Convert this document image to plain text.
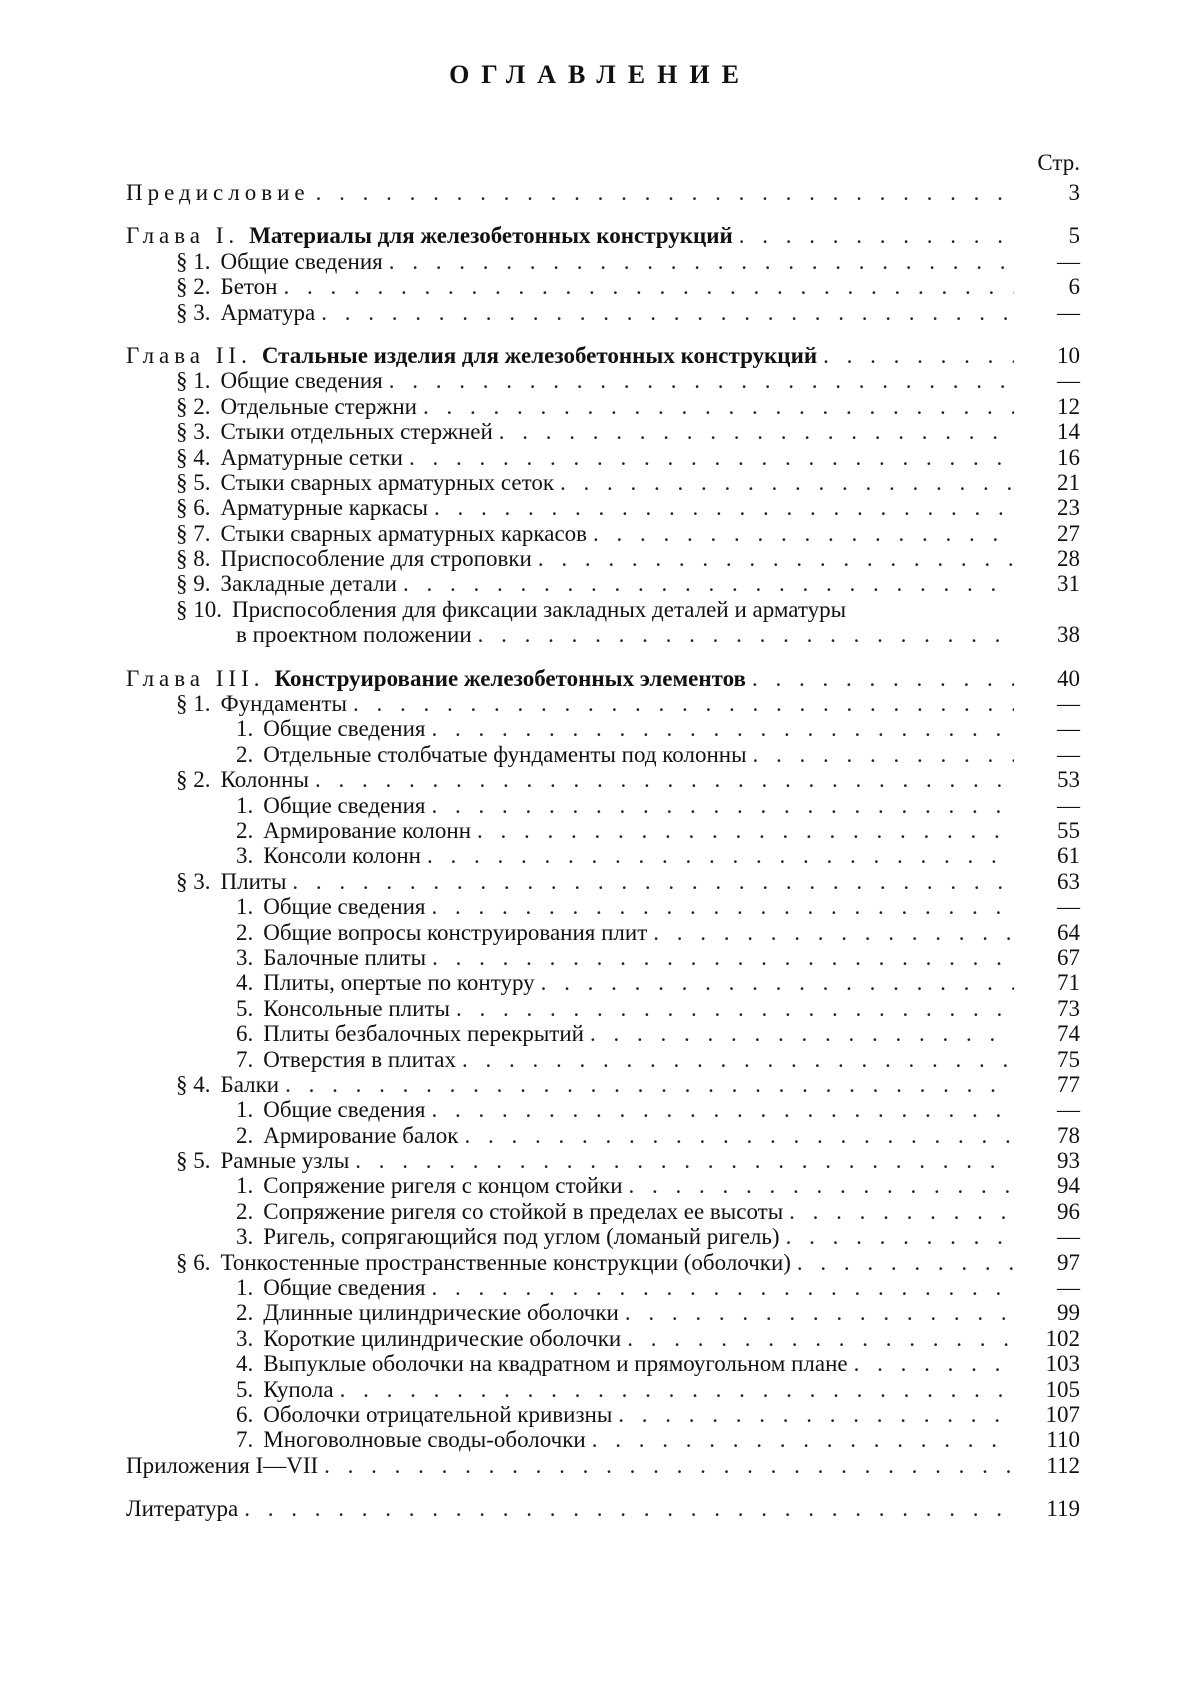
ОГЛАВЛЕНИЕ
Стр.
Предисловие . . .	3
Глава I. Материалы для железобетонных конструкций . . .	5
§ 1. Общие сведения . . .	—
§ 2. Бетон . . .	6
§ 3. Арматура . . .	—
Глава II. Стальные изделия для железобетонных конструкций . . .	10
§ 1. Общие сведения . . .	—
§ 2. Отдельные стержни . . .	12
§ 3. Стыки отдельных стержней . . .	14
§ 4. Арматурные сетки . . .	16
§ 5. Стыки сварных арматурных сеток . . .	21
§ 6. Арматурные каркасы . . .	23
§ 7. Стыки сварных арматурных каркасов . . .	27
§ 8. Приспособление для строповки . . .	28
§ 9. Закладные детали . . .	31
§ 10. Приспособления для фиксации закладных деталей и арматуры
в проектном положении . . .	38
Глава III. Конструирование железобетонных элементов . . .	40
§ 1. Фундаменты . . .	—
1. Общие сведения . . .	—
2. Отдельные столбчатые фундаменты под колонны . . .	—
§ 2. Колонны . . .	53
1. Общие сведения . . .	—
2. Армирование колонн . . .	55
3. Консоли колонн . . .	61
§ 3. Плиты . . .	63
1. Общие сведения . . .	—
2. Общие вопросы конструирования плит . . .	64
3. Балочные плиты . . .	67
4. Плиты, опертые по контуру . . .	71
5. Консольные плиты . . .	73
6. Плиты безбалочных перекрытий . . .	74
7. Отверстия в плитах . . .	75
§ 4. Балки . . .	77
1. Общие сведения . . .	—
2. Армирование балок . . .	78
§ 5. Рамные узлы . . .	93
1. Сопряжение ригеля с концом стойки . . .	94
2. Сопряжение ригеля со стойкой в пределах ее высоты . . .	96
3. Ригель, сопрягающийся под углом (ломаный ригель) . . .	—
§ 6. Тонкостенные пространственные конструкции (оболочки) . . .	97
1. Общие сведения . . .	—
2. Длинные цилиндрические оболочки . . .	99
3. Короткие цилиндрические оболочки . . .	102
4. Выпуклые оболочки на квадратном и прямоугольном плане . . .	103
5. Купола . . .	105
6. Оболочки отрицательной кривизны . . .	107
7. Многоволновые своды-оболочки . . .	110
Приложения I—VII . . .	112
Литература . . .	119
